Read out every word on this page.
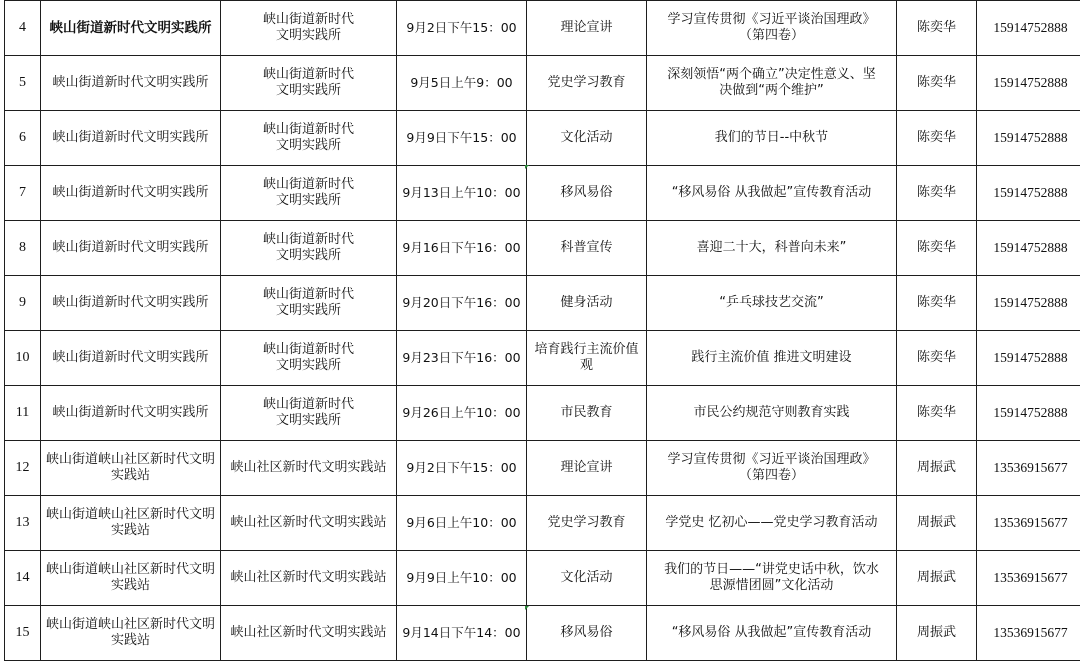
4	峡山街道新时代文明实践所	峡山街道新时代
文明实践所	9月2日下午15：00	理论宣讲	学习宣传贯彻《习近平谈治国理政》
（第四卷）	陈奕华	15914752888
5	峡山街道新时代文明实践所	峡山街道新时代
文明实践所	9月5日上午9：00	党史学习教育	深刻领悟“两个确立”决定性意义、坚
决做到“两个维护”	陈奕华	15914752888
6	峡山街道新时代文明实践所	峡山街道新时代
文明实践所	9月9日下午15：00	文化活动	我们的节日--中秋节	陈奕华	15914752888
7	峡山街道新时代文明实践所	峡山街道新时代
文明实践所	9月13日上午10：00	移风易俗	“移风易俗 从我做起”宣传教育活动	陈奕华	15914752888
8	峡山街道新时代文明实践所	峡山街道新时代
文明实践所	9月16日下午16：00	科普宣传	喜迎二十大，科普向未来”	陈奕华	15914752888
9	峡山街道新时代文明实践所	峡山街道新时代
文明实践所	9月20日下午16：00	健身活动	“乒乓球技艺交流”	陈奕华	15914752888
10	峡山街道新时代文明实践所	峡山街道新时代
文明实践所	9月23日下午16：00	培育践行主流价值
观	践行主流价值 推进文明建设	陈奕华	15914752888
11	峡山街道新时代文明实践所	峡山街道新时代
文明实践所	9月26日上午10：00	市民教育	市民公约规范守则教育实践	陈奕华	15914752888
12	峡山街道峡山社区新时代文明
实践站	峡山社区新时代文明实践站	9月2日下午15：00	理论宣讲	学习宣传贯彻《习近平谈治国理政》
（第四卷）	周振武	13536915677
13	峡山街道峡山社区新时代文明
实践站	峡山社区新时代文明实践站	9月6日上午10：00	党史学习教育	学党史 忆初心——党史学习教育活动	周振武	13536915677
14	峡山街道峡山社区新时代文明
实践站	峡山社区新时代文明实践站	9月9日上午10：00	文化活动	我们的节日——“讲党史话中秋，饮水
思源惜团圆”文化活动	周振武	13536915677
15	峡山街道峡山社区新时代文明
实践站	峡山社区新时代文明实践站	9月14日下午14：00	移风易俗	“移风易俗 从我做起”宣传教育活动	周振武	13536915677
